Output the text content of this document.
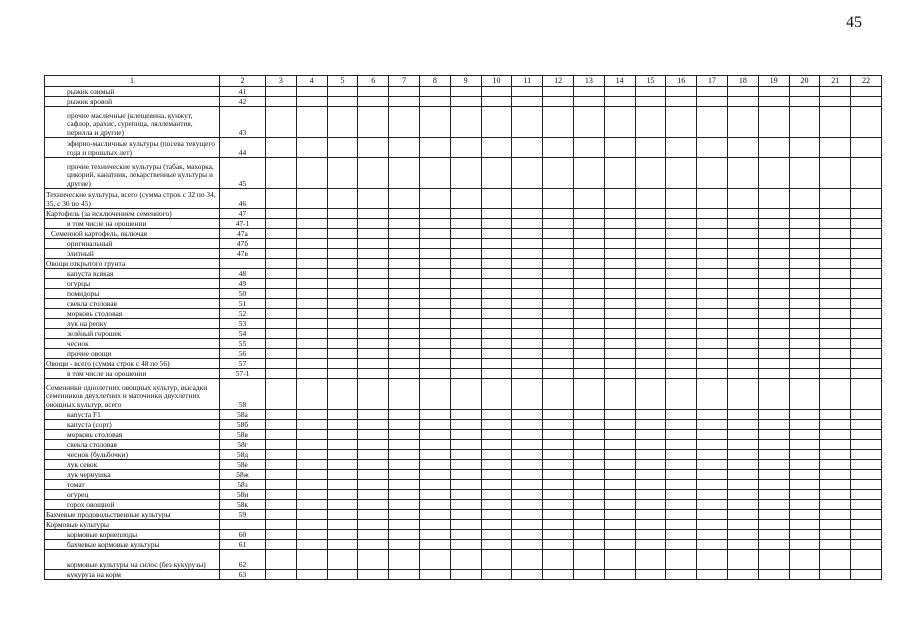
45
1	2	3	4	5	6	7	8	9	10	11	12	13	14	15	16	17	18	19	20	21	22
рыжик озимый	41																				
рыжик яровой	42																				
прочие масличные (клещевина, кунжут, сафлор, арахис, сурепица, ляллемантия, перилла и другие)	43																				
эфирно-масличные культуры (посева текущего года и прошлых лет)	44																				
прочие технические культуры (табак, махорка, цикорий, канатник, лекарственные культуры и другие)	45																				
Технические культуры, всего (сумма строк с 32 по 34, 35, с 36 по 45)	46																				
Картофель (за исключением семенного)	47																				
в том числе на орошении	47-1																				
Семенной картофель, включая	47а																				
оригинальный	47б																				
элитный	47в																				
Овощи открытого грунта																					
капуста всякая	48																				
огурцы	49																				
помидоры	50																				
свекла столовая	51																				
морковь столовая	52																				
лук на репку	53																				
зелёный горошек	54																				
чеснок	55																				
прочие овощи	56																				
Овощи - всего (сумма строк с 48 по 56)	57																				
в том числе на орошении	57-1																				
Семенники однолетних овощных культур, высадки семенников двухлетних и маточники двухлетних овощных культур, всего	58																				
капуста F1	58а																				
капуста (сорт)	58б																				
морковь столовая	58в																				
свекла столовая	58г																				
чеснок (бульбочки)	58д																				
лук севок	58е																				
лук чернушка	58ж																				
томат	58з																				
огурец	58и																				
горох овощной	58к																				
Бахчевые продовольственные культуры	59																				
Кормовые культуры																					
кормовые корнеплоды	60																				
бахчевые кормовые культуры	61																				
кормовые культуры на силос (без кукурузы)	62																				
кукуруза на корм	63																				
